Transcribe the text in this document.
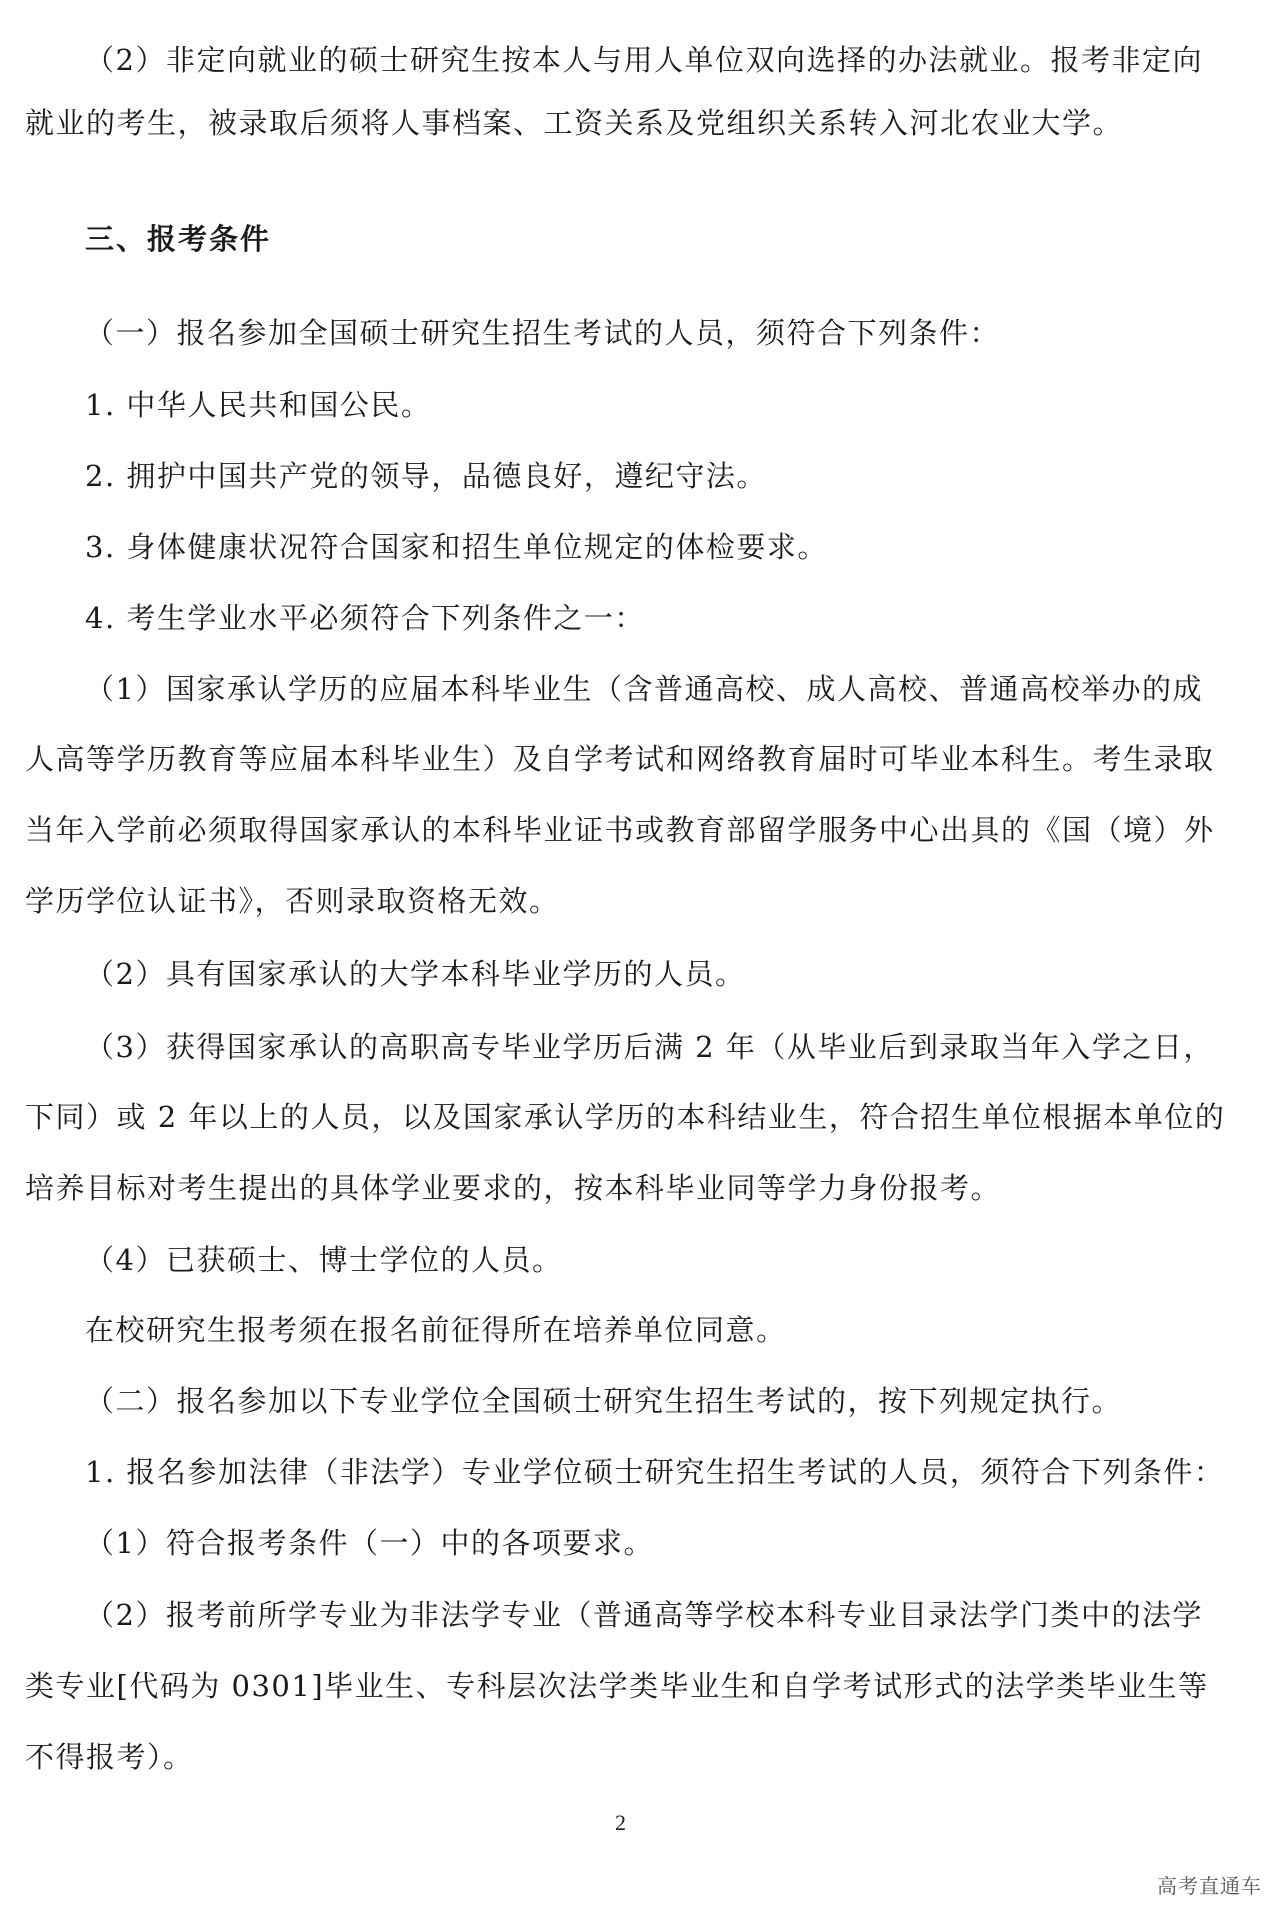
（2）非定向就业的硕士研究生按本人与用人单位双向选择的办法就业。报考非定向
就业的考生，被录取后须将人事档案、工资关系及党组织关系转入河北农业大学。
三、报考条件
（一）报名参加全国硕士研究生招生考试的人员，须符合下列条件：
1. 中华人民共和国公民。
2. 拥护中国共产党的领导，品德良好，遵纪守法。
3. 身体健康状况符合国家和招生单位规定的体检要求。
4. 考生学业水平必须符合下列条件之一：
（1）国家承认学历的应届本科毕业生（含普通高校、成人高校、普通高校举办的成
人高等学历教育等应届本科毕业生）及自学考试和网络教育届时可毕业本科生。考生录取
当年入学前必须取得国家承认的本科毕业证书或教育部留学服务中心出具的《国（境）外
学历学位认证书》，否则录取资格无效。
（2）具有国家承认的大学本科毕业学历的人员。
（3）获得国家承认的高职高专毕业学历后满 2 年（从毕业后到录取当年入学之日，
下同）或 2 年以上的人员，以及国家承认学历的本科结业生，符合招生单位根据本单位的
培养目标对考生提出的具体学业要求的，按本科毕业同等学力身份报考。
（4）已获硕士、博士学位的人员。
在校研究生报考须在报名前征得所在培养单位同意。
（二）报名参加以下专业学位全国硕士研究生招生考试的，按下列规定执行。
1. 报名参加法律（非法学）专业学位硕士研究生招生考试的人员，须符合下列条件：
（1）符合报考条件（一）中的各项要求。
（2）报考前所学专业为非法学专业（普通高等学校本科专业目录法学门类中的法学
类专业[代码为 0301]毕业生、专科层次法学类毕业生和自学考试形式的法学类毕业生等
不得报考）。
2
高考直通车
